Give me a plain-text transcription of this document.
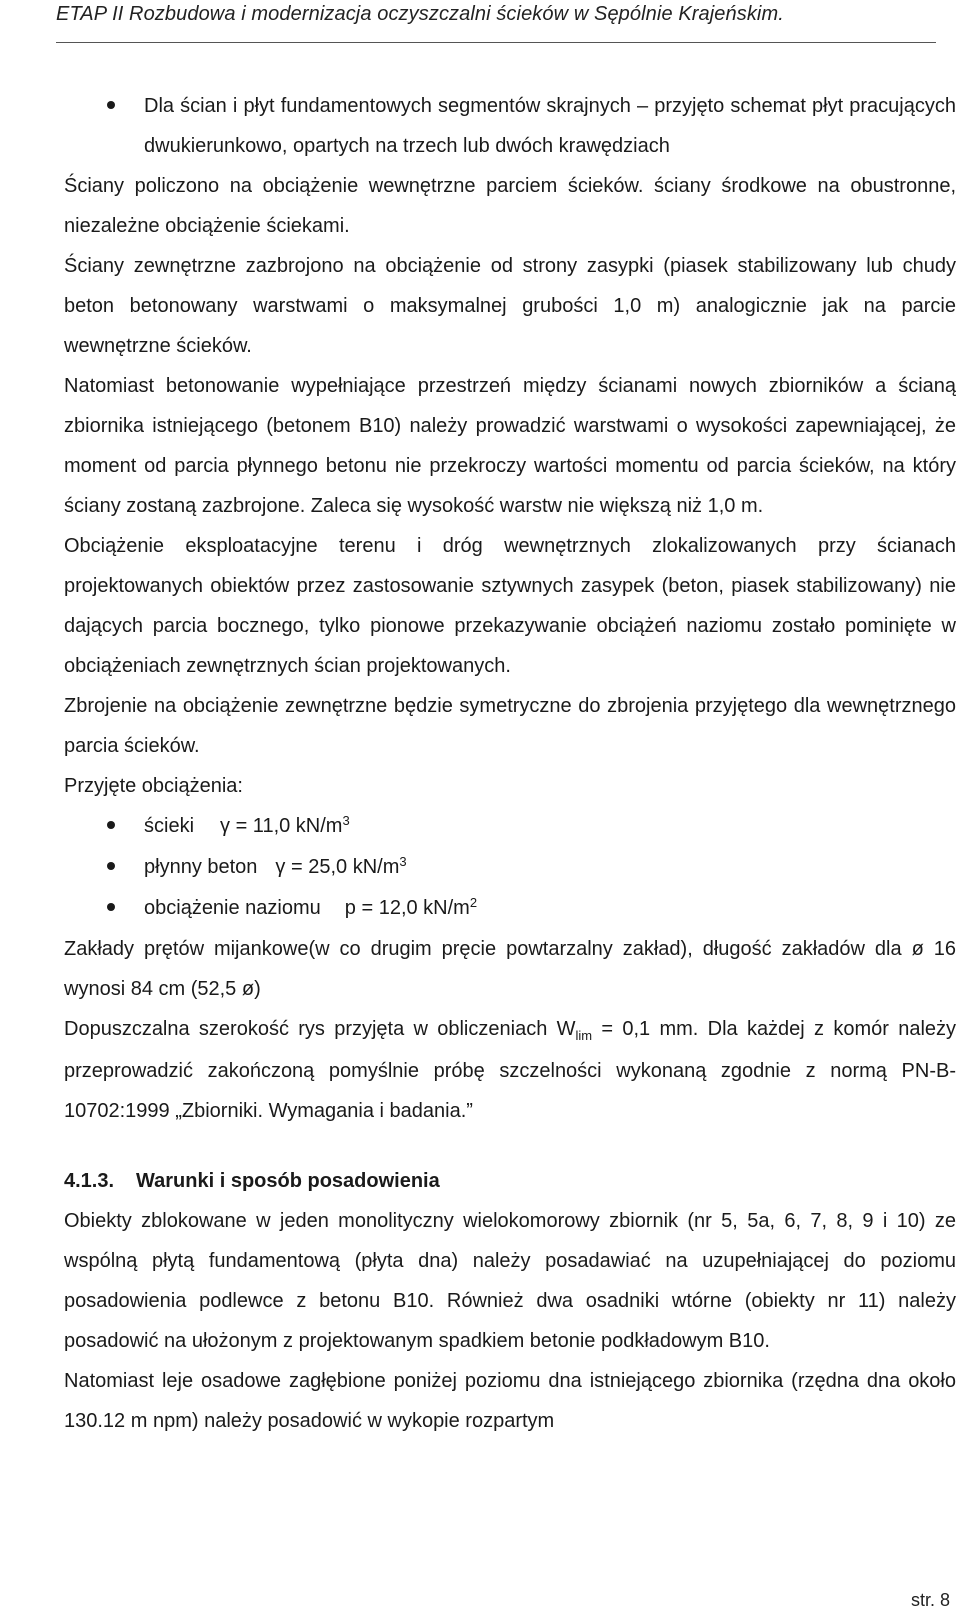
ETAP II Rozbudowa i modernizacja oczyszczalni ścieków w Sępólnie Krajeńskim.
Dla ścian i płyt fundamentowych segmentów skrajnych – przyjęto schemat płyt pracujących dwukierunkowo, opartych na trzech lub dwóch krawędziach

Ściany policzono na obciążenie wewnętrzne parciem ścieków. ściany środkowe na obustronne, niezależne obciążenie ściekami.

Ściany zewnętrzne zazbrojono na obciążenie od strony zasypki (piasek stabilizowany lub chudy beton betonowany warstwami o maksymalnej grubości 1,0 m) analogicznie jak na parcie wewnętrzne ścieków.

Natomiast betonowanie wypełniające przestrzeń między ścianami nowych zbiorników a ścianą zbiornika istniejącego (betonem B10) należy prowadzić warstwami o wysokości zapewniającej, że moment od parcia płynnego betonu nie przekroczy wartości momentu od parcia ścieków, na który ściany zostaną zazbrojone. Zaleca się wysokość warstw nie większą niż 1,0 m.

Obciążenie eksploatacyjne terenu i dróg wewnętrznych zlokalizowanych przy ścianach projektowanych obiektów przez zastosowanie sztywnych zasypek (beton, piasek stabilizowany) nie dających parcia bocznego, tylko pionowe przekazywanie obciążeń naziomu zostało pominięte w obciążeniach zewnętrznych ścian projektowanych.

Zbrojenie na obciążenie zewnętrzne będzie symetryczne do zbrojenia przyjętego dla wewnętrznego parcia ścieków.

Przyjęte obciążenia:

ścieki γ = 11,0 $kN/m^3$
płynny beton γ = 25,0 $kN/m^3$
obciążenie naziomu p = 12,0 $kN/m^2$

Zakłady prętów mijankowe(w co drugim pręcie powtarzalny zakład), długość zakładów dla ø 16 wynosi 84 cm (52,5 ø)

Dopuszczalna szerokość rys przyjęta w obliczeniach $W_{lim} = 0,1$ mm. Dla każdej z komór należy przeprowadzić zakończoną pomyślnie próbę szczelności wykonaną zgodnie z normą PN-B-10702:1999 „Zbiorniki. Wymagania i badania.”

4.1.3. Warunki i sposób posadowienia

Obiekty zblokowane w jeden monolityczny wielokomorowy zbiornik (nr 5, 5a, 6, 7, 8, 9 i 10) ze wspólną płytą fundamentową (płyta dna) należy posadawiać na uzupełniającej do poziomu posadowienia podlewce z betonu B10. Również dwa osadniki wtórne (obiekty nr 11) należy posadowić na ułożonym z projektowanym spadkiem betonie podkładowym B10.

Natomiast leje osadowe zagłębione poniżej poziomu dna istniejącego zbiornika (rzędna dna około 130.12 m npm) należy posadowić w wykopie rozpartym

str. 8
